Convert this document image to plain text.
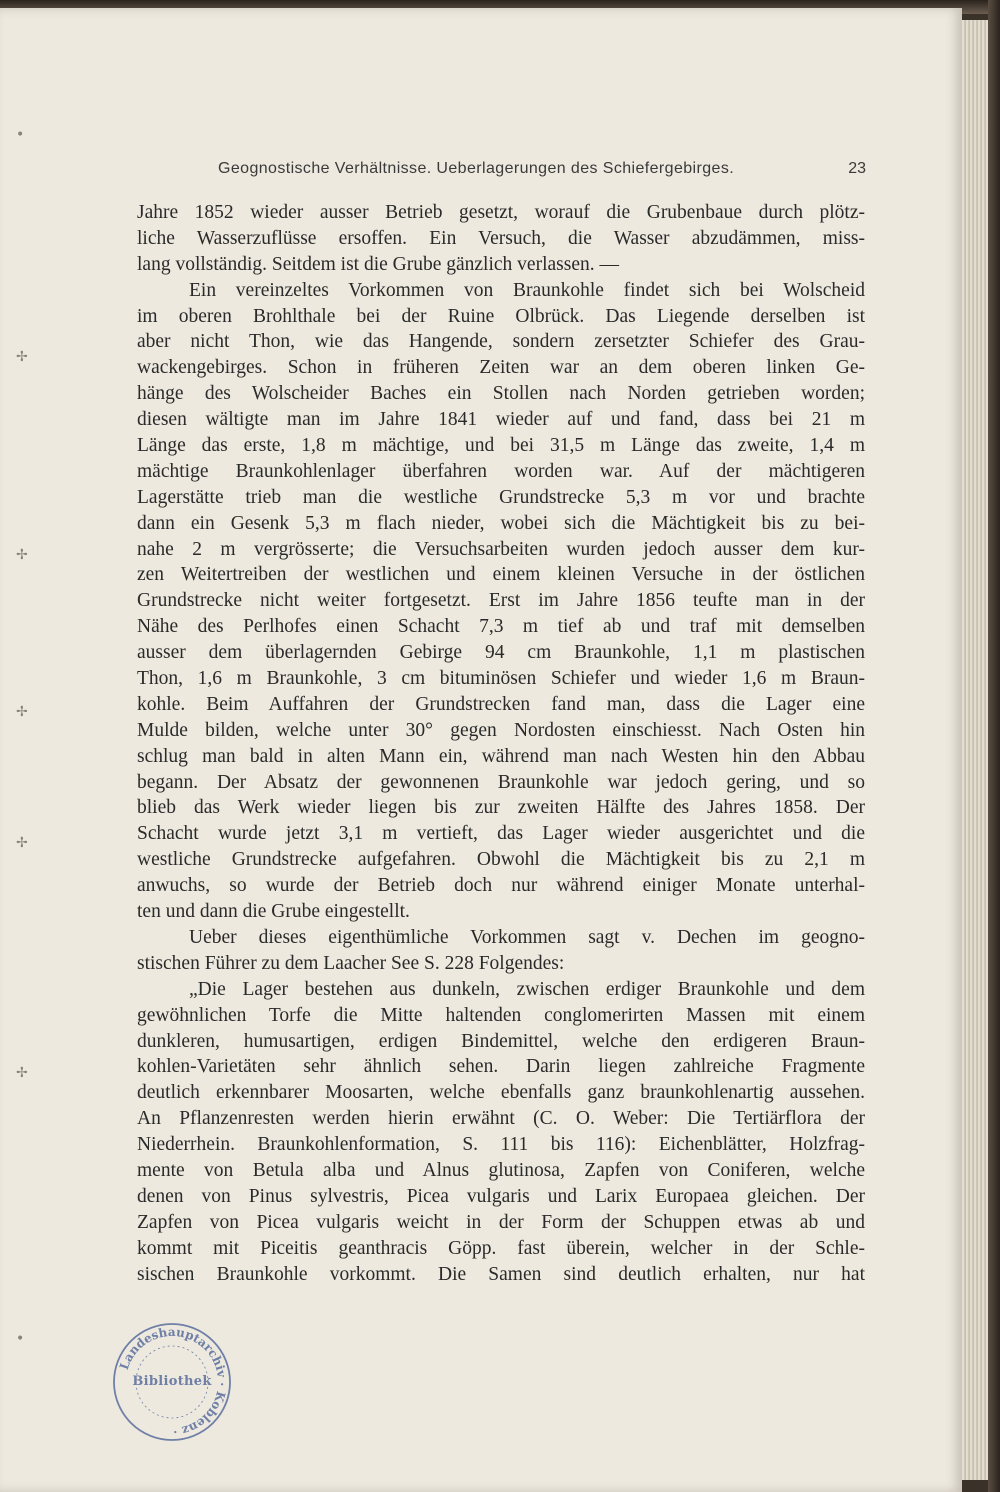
•
✢
✢
✢
✢
✢
•
Geognostische Verhältnisse. Ueberlagerungen des Schiefergebirges.	23
Jahre 1852 wieder ausser Betrieb gesetzt, worauf die Grubenbaue durch plötz-
liche Wasserzuflüsse ersoffen. Ein Versuch, die Wasser abzudämmen, miss-
lang vollständig. Seitdem ist die Grube gänzlich verlassen. —
Ein vereinzeltes Vorkommen von Braunkohle findet sich bei Wolscheid
im oberen Brohlthale bei der Ruine Olbrück. Das Liegende derselben ist
aber nicht Thon, wie das Hangende, sondern zersetzter Schiefer des Grau-
wackengebirges. Schon in früheren Zeiten war an dem oberen linken Ge-
hänge des Wolscheider Baches ein Stollen nach Norden getrieben worden;
diesen wältigte man im Jahre 1841 wieder auf und fand, dass bei 21 m
Länge das erste, 1,8 m mächtige, und bei 31,5 m Länge das zweite, 1,4 m
mächtige Braunkohlenlager überfahren worden war. Auf der mächtigeren
Lagerstätte trieb man die westliche Grundstrecke 5,3 m vor und brachte
dann ein Gesenk 5,3 m flach nieder, wobei sich die Mächtigkeit bis zu bei-
nahe 2 m vergrösserte; die Versuchsarbeiten wurden jedoch ausser dem kur-
zen Weitertreiben der westlichen und einem kleinen Versuche in der östlichen
Grundstrecke nicht weiter fortgesetzt. Erst im Jahre 1856 teufte man in der
Nähe des Perlhofes einen Schacht 7,3 m tief ab und traf mit demselben
ausser dem überlagernden Gebirge 94 cm Braunkohle, 1,1 m plastischen
Thon, 1,6 m Braunkohle, 3 cm bituminösen Schiefer und wieder 1,6 m Braun-
kohle. Beim Auffahren der Grundstrecken fand man, dass die Lager eine
Mulde bilden, welche unter 30° gegen Nordosten einschiesst. Nach Osten hin
schlug man bald in alten Mann ein, während man nach Westen hin den Abbau
begann. Der Absatz der gewonnenen Braunkohle war jedoch gering, und so
blieb das Werk wieder liegen bis zur zweiten Hälfte des Jahres 1858. Der
Schacht wurde jetzt 3,1 m vertieft, das Lager wieder ausgerichtet und die
westliche Grundstrecke aufgefahren. Obwohl die Mächtigkeit bis zu 2,1 m
anwuchs, so wurde der Betrieb doch nur während einiger Monate unterhal-
ten und dann die Grube eingestellt.
Ueber dieses eigenthümliche Vorkommen sagt v. Dechen im geogno-
stischen Führer zu dem Laacher See S. 228 Folgendes:
„Die Lager bestehen aus dunkeln, zwischen erdiger Braunkohle und dem
gewöhnlichen Torfe die Mitte haltenden conglomerirten Massen mit einem
dunkleren, humusartigen, erdigen Bindemittel, welche den erdigeren Braun-
kohlen-Varietäten sehr ähnlich sehen. Darin liegen zahlreiche Fragmente
deutlich erkennbarer Moosarten, welche ebenfalls ganz braunkohlenartig aussehen.
An Pflanzenresten werden hierin erwähnt (C. O. Weber: Die Tertiärflora der
Niederrhein. Braunkohlenformation, S. 111 bis 116): Eichenblätter, Holzfrag-
mente von Betula alba und Alnus glutinosa, Zapfen von Coniferen, welche
denen von Pinus sylvestris, Picea vulgaris und Larix Europaea gleichen. Der
Zapfen von Picea vulgaris weicht in der Form der Schuppen etwas ab und
kommt mit Piceitis geanthracis Göpp. fast überein, welcher in der Schle-
sischen Braunkohle vorkommt. Die Samen sind deutlich erhalten, nur hat
Landeshauptarchiv · Koblenz ·
Bibliothek
